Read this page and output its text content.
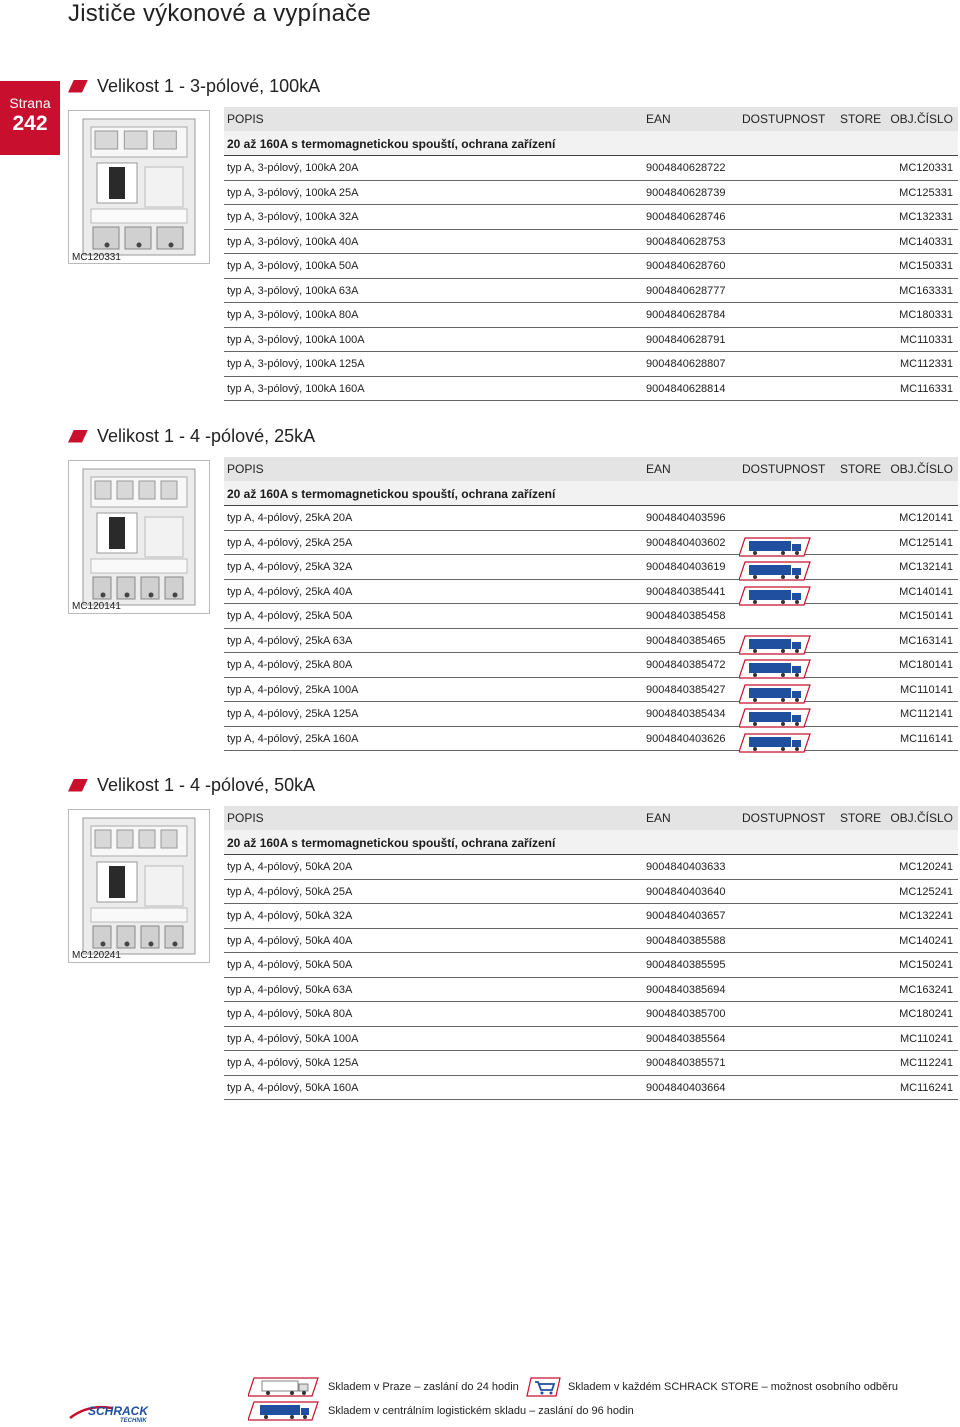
Jističe výkonové a vypínače
Strana
242
Velikost 1 - 3-pólové, 100kA
MC120331
POPIS	EAN	DOSTUPNOST STORE OBJ.ČÍSLO
20 až 160A s termomagnetickou spouští, ochrana zařízení
typ A, 3-pólový, 100kA 20A	9004840628722	MC120331
typ A, 3-pólový, 100kA 25A	9004840628739	MC125331
typ A, 3-pólový, 100kA 32A	9004840628746	MC132331
typ A, 3-pólový, 100kA 40A	9004840628753	MC140331
typ A, 3-pólový, 100kA 50A	9004840628760	MC150331
typ A, 3-pólový, 100kA 63A	9004840628777	MC163331
typ A, 3-pólový, 100kA 80A	9004840628784	MC180331
typ A, 3-pólový, 100kA 100A	9004840628791	MC110331
typ A, 3-pólový, 100kA 125A	9004840628807	MC112331
typ A, 3-pólový, 100kA 160A	9004840628814	MC116331
Velikost 1 - 4 -pólové, 25kA
MC120141
POPIS	EAN	DOSTUPNOST STORE OBJ.ČÍSLO
20 až 160A s termomagnetickou spouští, ochrana zařízení
typ A, 4-pólový, 25kA 20A	9004840403596	MC120141
typ A, 4-pólový, 25kA 25A	9004840403602	MC125141
typ A, 4-pólový, 25kA 32A	9004840403619	MC132141
typ A, 4-pólový, 25kA 40A	9004840385441	MC140141
typ A, 4-pólový, 25kA 50A	9004840385458	MC150141
typ A, 4-pólový, 25kA 63A	9004840385465	MC163141
typ A, 4-pólový, 25kA 80A	9004840385472	MC180141
typ A, 4-pólový, 25kA 100A	9004840385427	MC110141
typ A, 4-pólový, 25kA 125A	9004840385434	MC112141
typ A, 4-pólový, 25kA 160A	9004840403626	MC116141
Velikost 1 - 4 -pólové, 50kA
MC120241
POPIS	EAN	DOSTUPNOST STORE OBJ.ČÍSLO
20 až 160A s termomagnetickou spouští, ochrana zařízení
typ A, 4-pólový, 50kA 20A	9004840403633	MC120241
typ A, 4-pólový, 50kA 25A	9004840403640	MC125241
typ A, 4-pólový, 50kA 32A	9004840403657	MC132241
typ A, 4-pólový, 50kA 40A	9004840385588	MC140241
typ A, 4-pólový, 50kA 50A	9004840385595	MC150241
typ A, 4-pólový, 50kA 63A	9004840385694	MC163241
typ A, 4-pólový, 50kA 80A	9004840385700	MC180241
typ A, 4-pólový, 50kA 100A	9004840385564	MC110241
typ A, 4-pólový, 50kA 125A	9004840385571	MC112241
typ A, 4-pólový, 50kA 160A	9004840403664	MC116241
Skladem v Praze – zaslání do 24 hodin	Skladem v každém SCHRACK STORE – možnost osobního odběru
Skladem v centrálním logistickém skladu – zaslání do 96 hodin
SCHRACK
TECHNIK
